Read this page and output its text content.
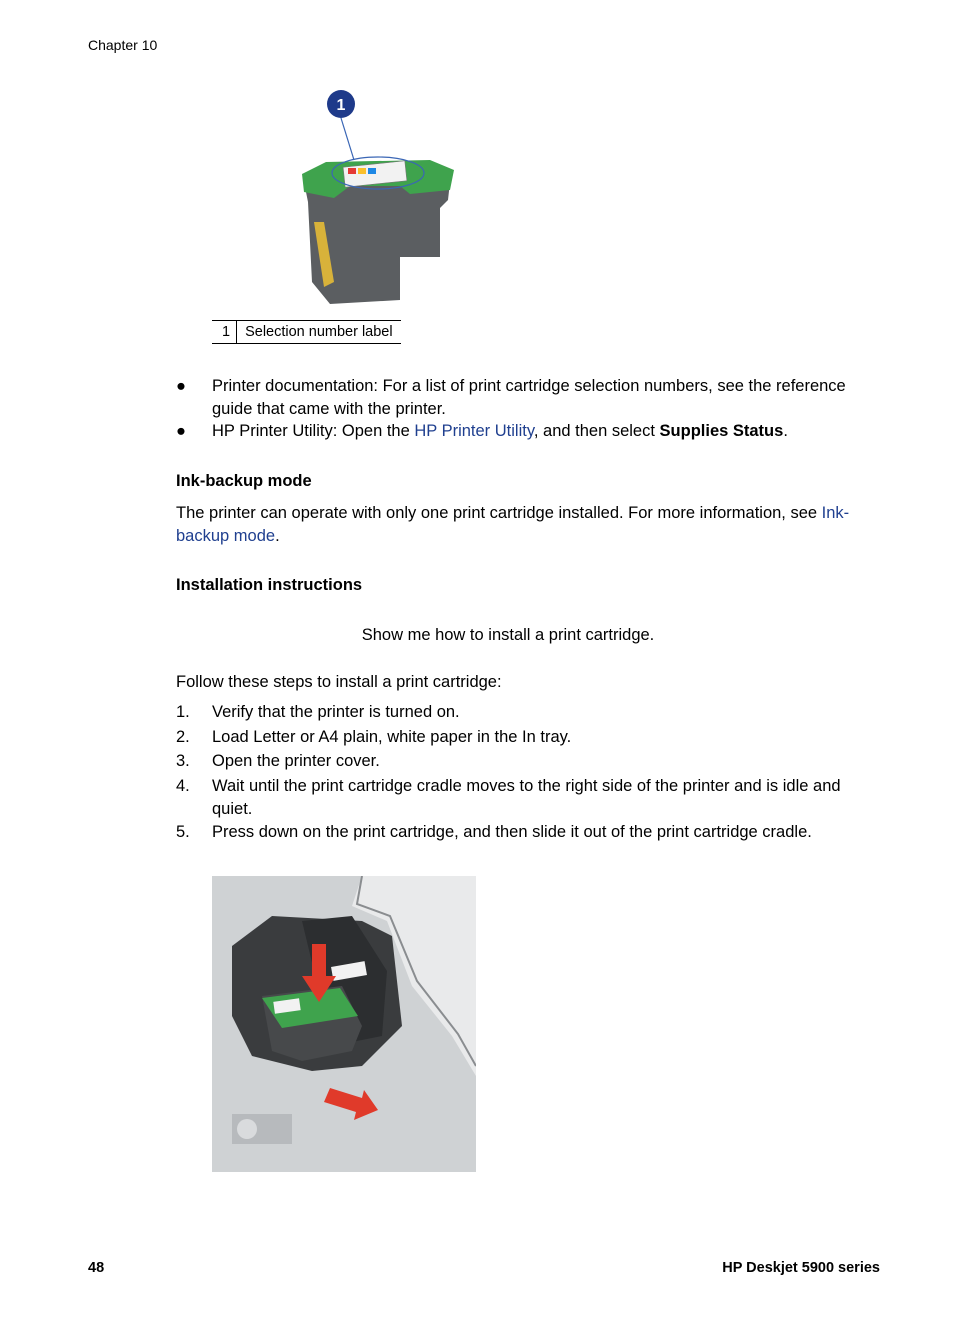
Chapter 10
1
1	Selection number label
●	Printer documentation: For a list of print cartridge selection numbers, see the reference guide that came with the printer.
●	HP Printer Utility: Open the HP Printer Utility, and then select Supplies Status.
Ink-backup mode
The printer can operate with only one print cartridge installed. For more information, see Ink-backup mode.
Installation instructions
Show me how to install a print cartridge.
Follow these steps to install a print cartridge:
1.	Verify that the printer is turned on.
2.	Load Letter or A4 plain, white paper in the In tray.
3.	Open the printer cover.
4.	Wait until the print cartridge cradle moves to the right side of the printer and is idle and quiet.
5.	Press down on the print cartridge, and then slide it out of the print cartridge cradle.
48	HP Deskjet 5900 series
